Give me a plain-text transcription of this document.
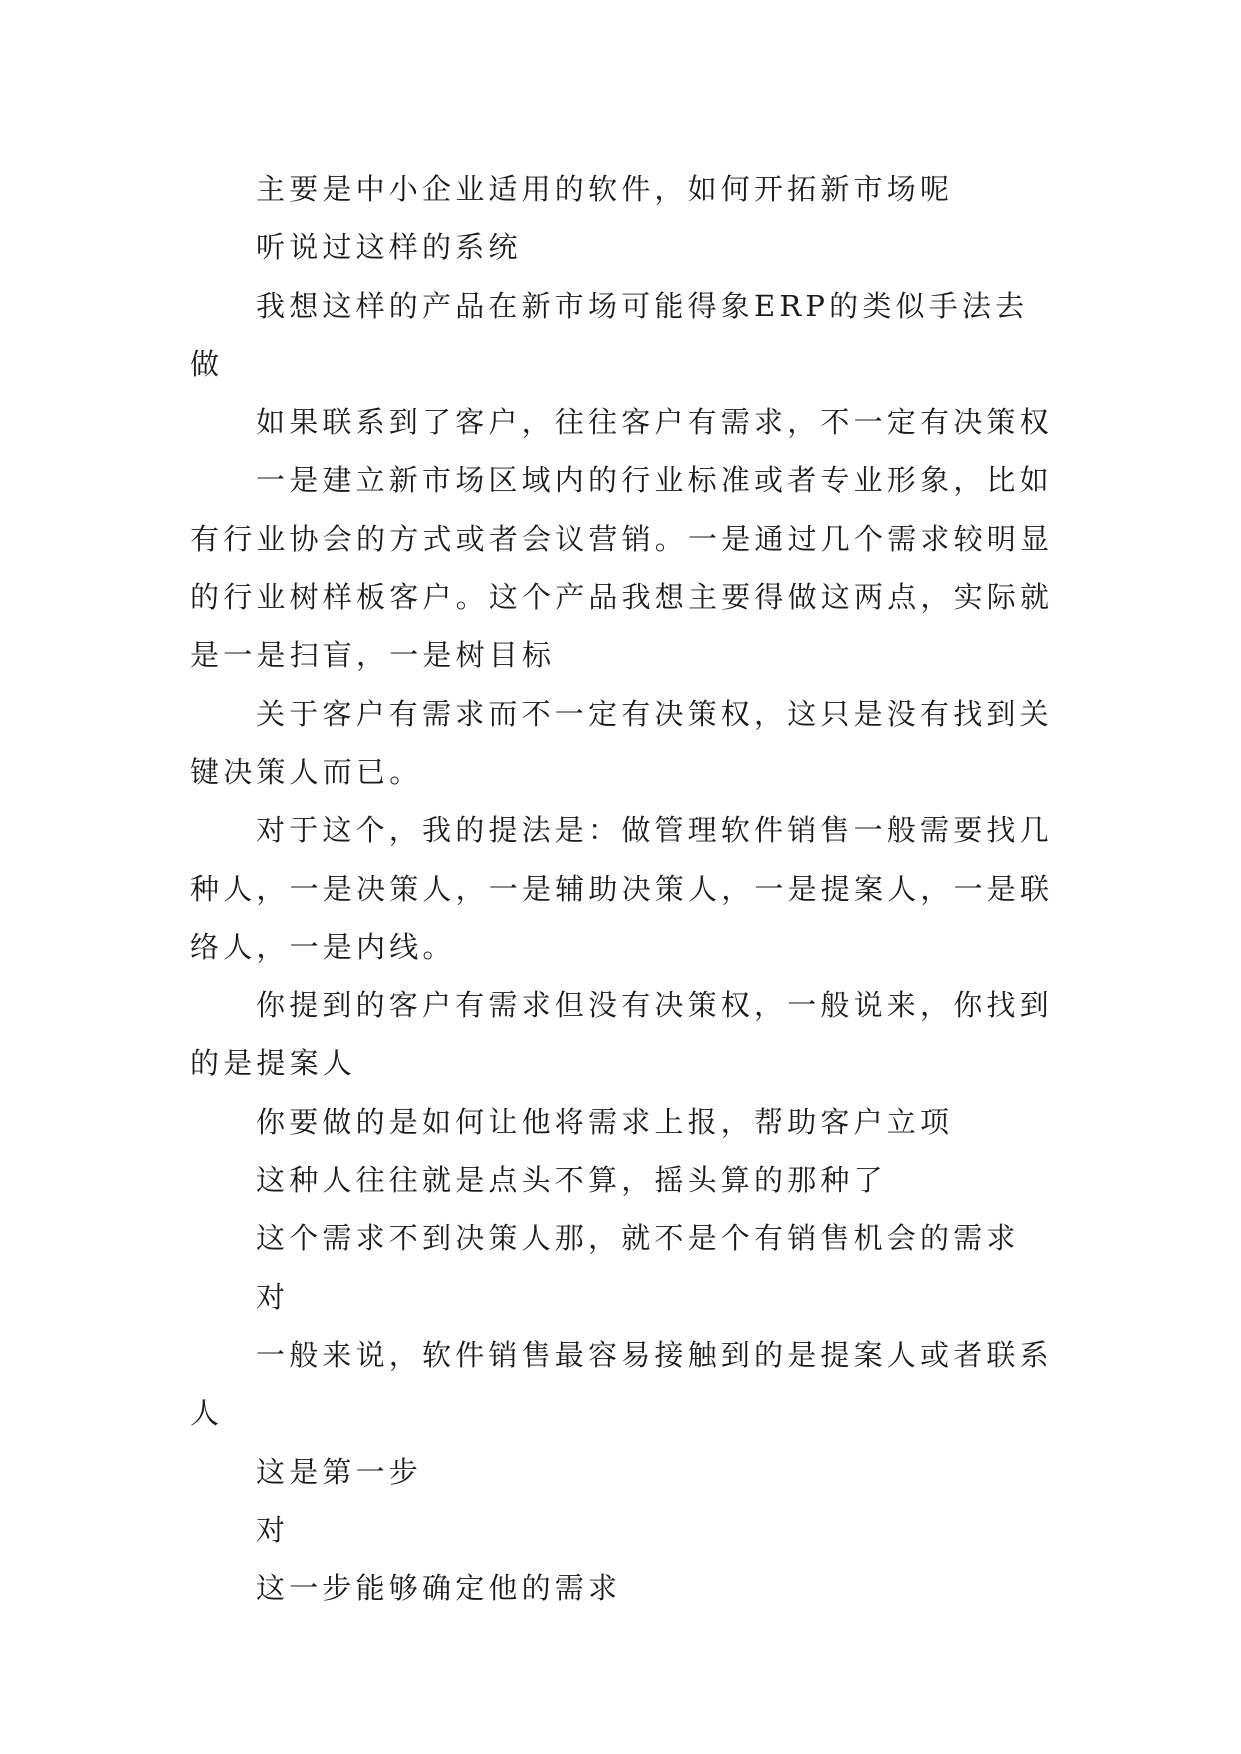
主要是中小企业适用的软件，如何开拓新市场呢

听说过这样的系统

我想这样的产品在新市场可能得象ERP的类似手法去做

如果联系到了客户，往往客户有需求，不一定有决策权

一是建立新市场区域内的行业标准或者专业形象，比如有行业协会的方式或者会议营销。一是通过几个需求较明显的行业树样板客户。这个产品我想主要得做这两点，实际就是一是扫盲，一是树目标

关于客户有需求而不一定有决策权，这只是没有找到关键决策人而已。

对于这个，我的提法是：做管理软件销售一般需要找几种人，一是决策人，一是辅助决策人，一是提案人，一是联络人，一是内线。

你提到的客户有需求但没有决策权，一般说来，你找到的是提案人

你要做的是如何让他将需求上报，帮助客户立项

这种人往往就是点头不算，摇头算的那种了

这个需求不到决策人那，就不是个有销售机会的需求

对

一般来说，软件销售最容易接触到的是提案人或者联系人

这是第一步

对

这一步能够确定他的需求
